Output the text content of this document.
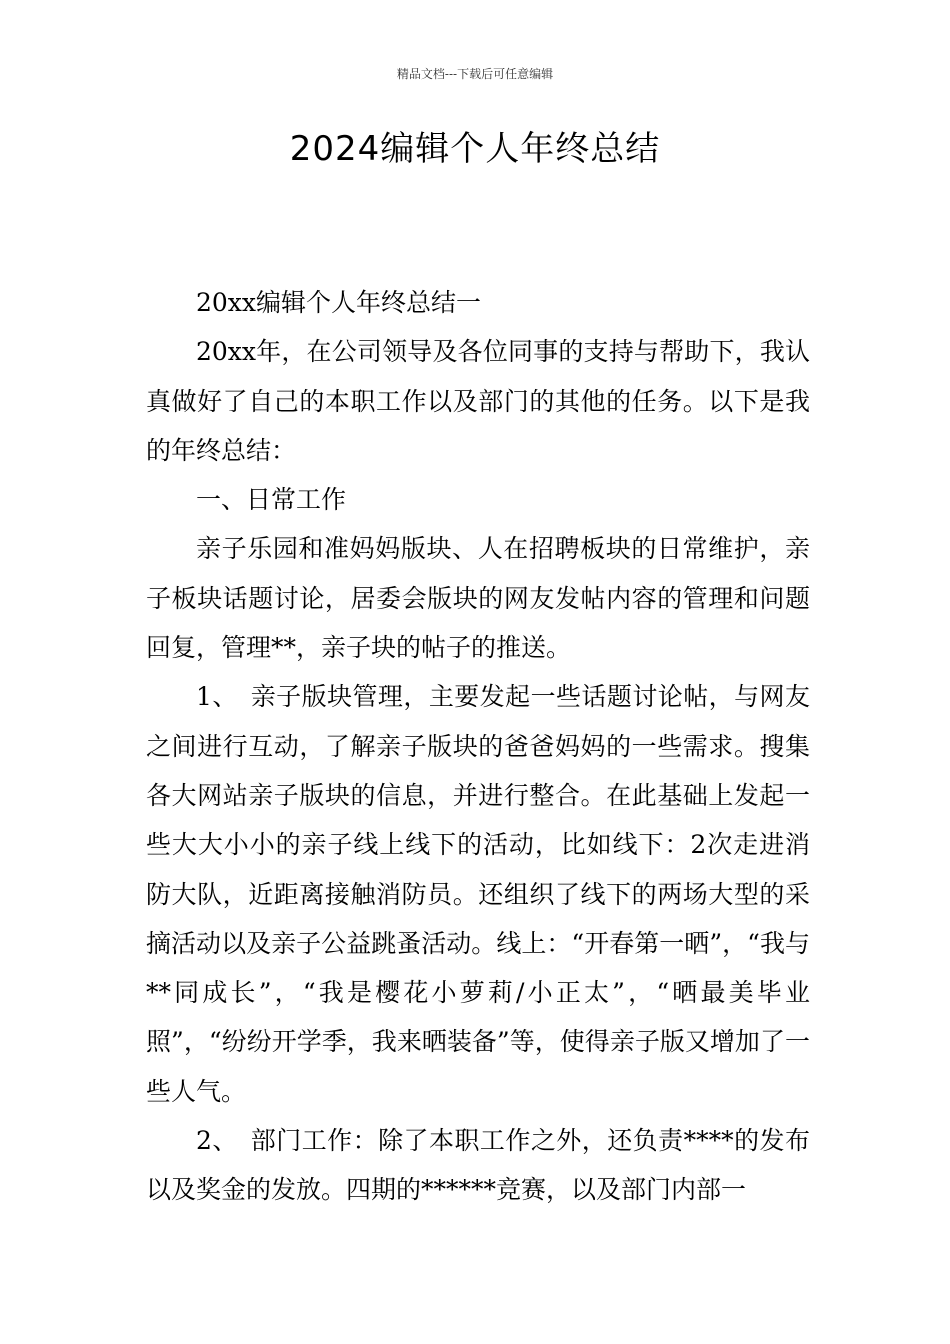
精品文档---下载后可任意编辑
2024编辑个人年终总结

20xx编辑个人年终总结一

20xx年，在公司领导及各位同事的支持与帮助下，我认真做好了自己的本职工作以及部门的其他的任务。以下是我的年终总结：

一、日常工作

亲子乐园和准妈妈版块、人在招聘板块的日常维护，亲子板块话题讨论，居委会版块的网友发帖内容的管理和问题回复，管理**，亲子块的帖子的推送。

1、　亲子版块管理，主要发起一些话题讨论帖，与网友之间进行互动，了解亲子版块的爸爸妈妈的一些需求。搜集各大网站亲子版块的信息，并进行整合。在此基础上发起一些大大小小的亲子线上线下的活动，比如线下：2次走进消防大队，近距离接触消防员。还组织了线下的两场大型的采摘活动以及亲子公益跳蚤活动。线上：“开春第一晒”，“我与**同成长”，“我是樱花小萝莉/小正太”，“晒最美毕业照”，“纷纷开学季，我来晒装备”等，使得亲子版又增加了一些人气。

2、　部门工作：除了本职工作之外，还负责****的发布以及奖金的发放。四期的******竞赛，以及部门内部一
